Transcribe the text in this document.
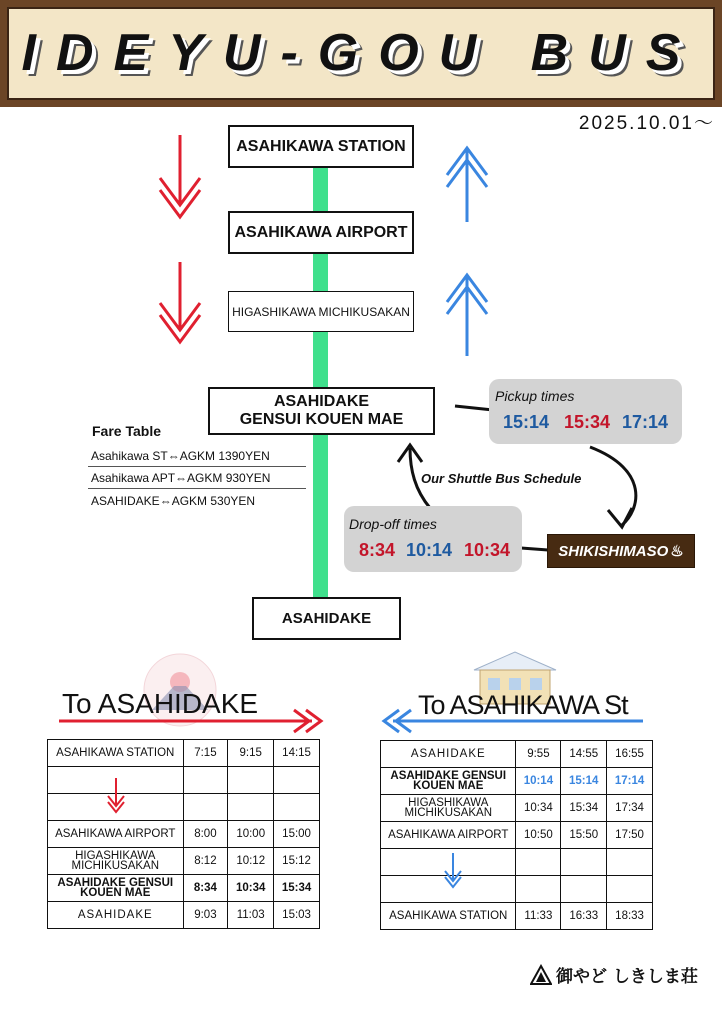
IDEYU-GOU BUS
2025.10.01～
ASAHIKAWA STATION
ASAHIKAWA AIRPORT
HIGASHIKAWA MICHIKUSAKAN
ASAHIDAKE
GENSUI KOUEN MAE
ASAHIDAKE
Pickup times
15:14 15:34 17:14
Our Shuttle Bus Schedule
Drop-off times
8:34 10:14 10:34	SHIKISHIMASO ♨
Fare Table
Asahikawa ST⇔AGKM 1390YEN
Asahikawa APT⇔AGKM 930YEN
ASAHIDAKE⇔AGKM 530YEN
To ASAHIDAKE
ASAHIKAWA STATION	7:15	9:15	14:15

ASAHIKAWA AIRPORT	8:00	10:00	15:00
HIGASHIKAWA
MICHIKUSAKAN	8:12	10:12	15:12
ASAHIDAKE GENSUI
KOUEN MAE	8:34	10:34	15:34
ASAHIDAKE	9:03	11:03	15:03
To ASAHIKAWA St
ASAHIDAKE	9:55	14:55	16:55
ASAHIDAKE GENSUI
KOUEN MAE	10:14	15:14	17:14
HIGASHIKAWA
MICHIKUSAKAN	10:34	15:34	17:34
ASAHIKAWA AIRPORT	10:50	15:50	17:50

ASAHIKAWA STATION	11:33	16:33	18:33
御やど しきしま荘
